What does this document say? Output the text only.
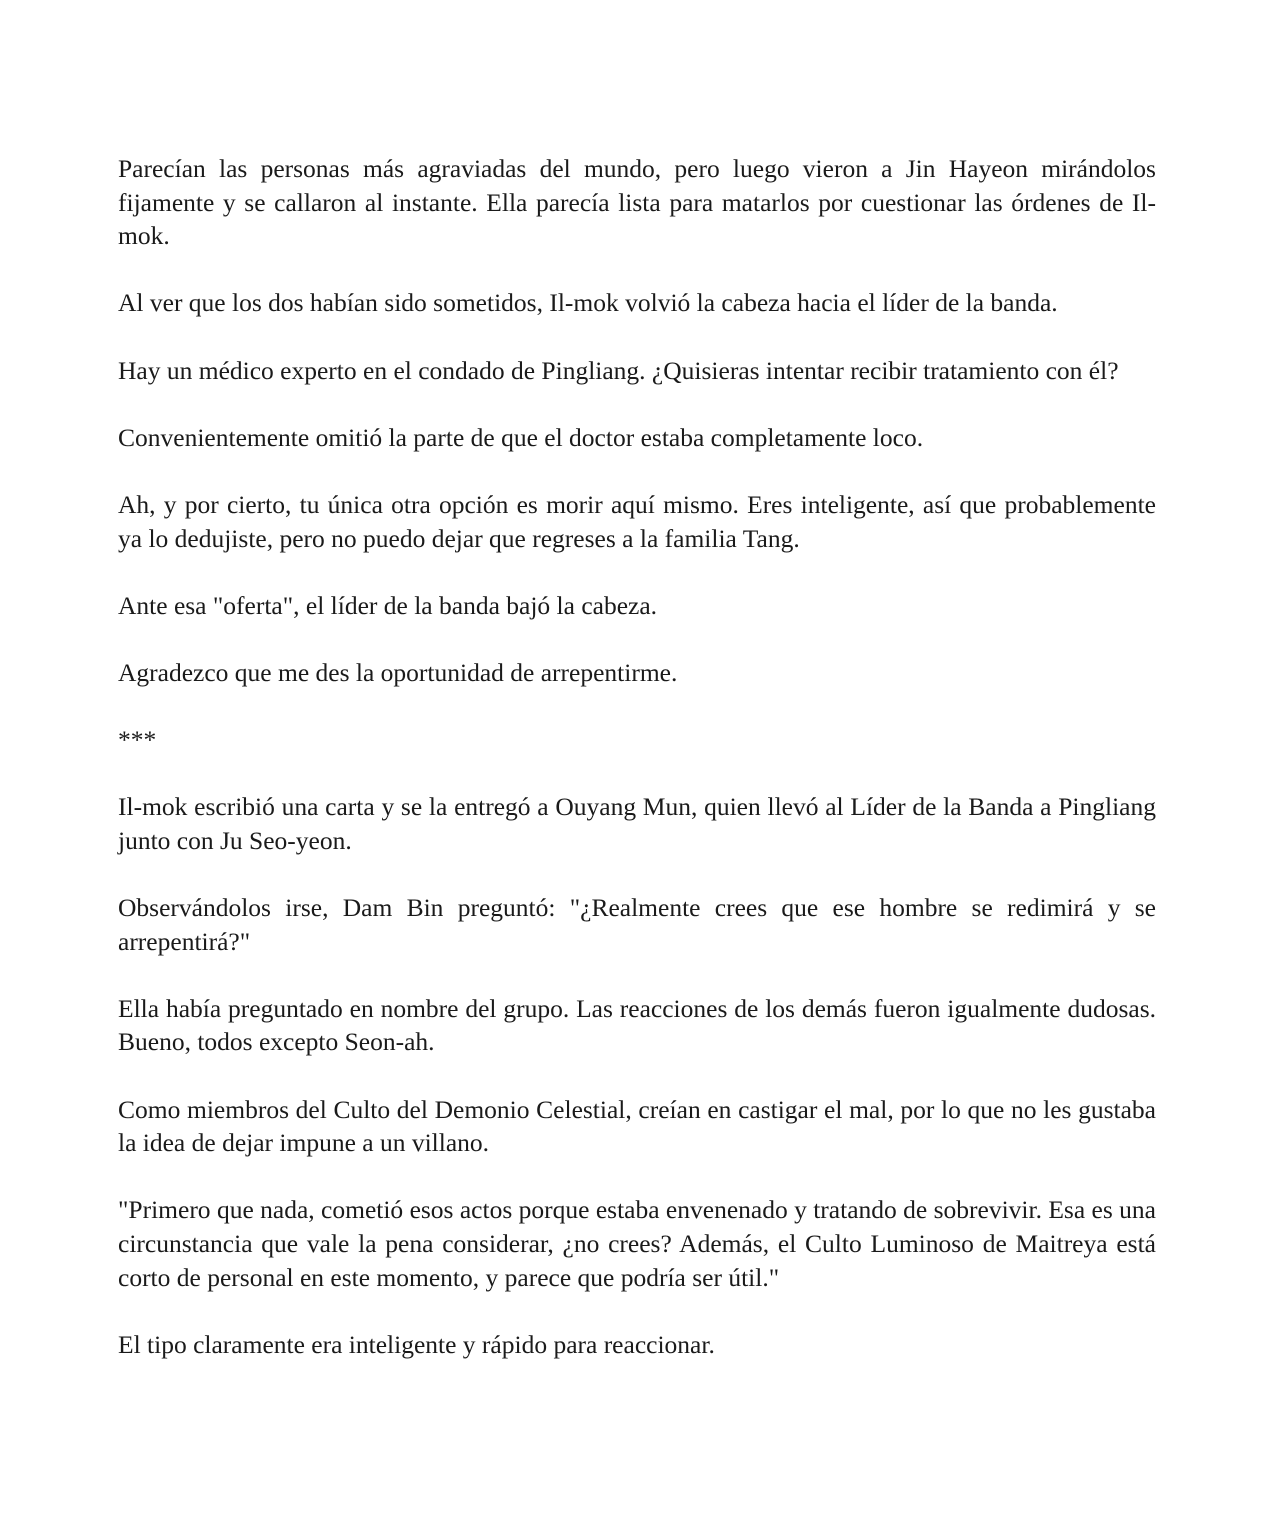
Parecían las personas más agraviadas del mundo, pero luego vieron a Jin Hayeon mirándolos fijamente y se callaron al instante. Ella parecía lista para matarlos por cuestionar las órdenes de Il-mok.

Al ver que los dos habían sido sometidos, Il-mok volvió la cabeza hacia el líder de la banda.

Hay un médico experto en el condado de Pingliang. ¿Quisieras intentar recibir tratamiento con él?

Convenientemente omitió la parte de que el doctor estaba completamente loco.

Ah, y por cierto, tu única otra opción es morir aquí mismo. Eres inteligente, así que probablemente ya lo dedujiste, pero no puedo dejar que regreses a la familia Tang.

Ante esa "oferta", el líder de la banda bajó la cabeza.

Agradezco que me des la oportunidad de arrepentirme.

***

Il-mok escribió una carta y se la entregó a Ouyang Mun, quien llevó al Líder de la Banda a Pingliang junto con Ju Seo-yeon.

Observándolos irse, Dam Bin preguntó: "¿Realmente crees que ese hombre se redimirá y se arrepentirá?"

Ella había preguntado en nombre del grupo. Las reacciones de los demás fueron igualmente dudosas. Bueno, todos excepto Seon-ah.

Como miembros del Culto del Demonio Celestial, creían en castigar el mal, por lo que no les gustaba la idea de dejar impune a un villano.

"Primero que nada, cometió esos actos porque estaba envenenado y tratando de sobrevivir. Esa es una circunstancia que vale la pena considerar, ¿no crees? Además, el Culto Luminoso de Maitreya está corto de personal en este momento, y parece que podría ser útil."

El tipo claramente era inteligente y rápido para reaccionar.
